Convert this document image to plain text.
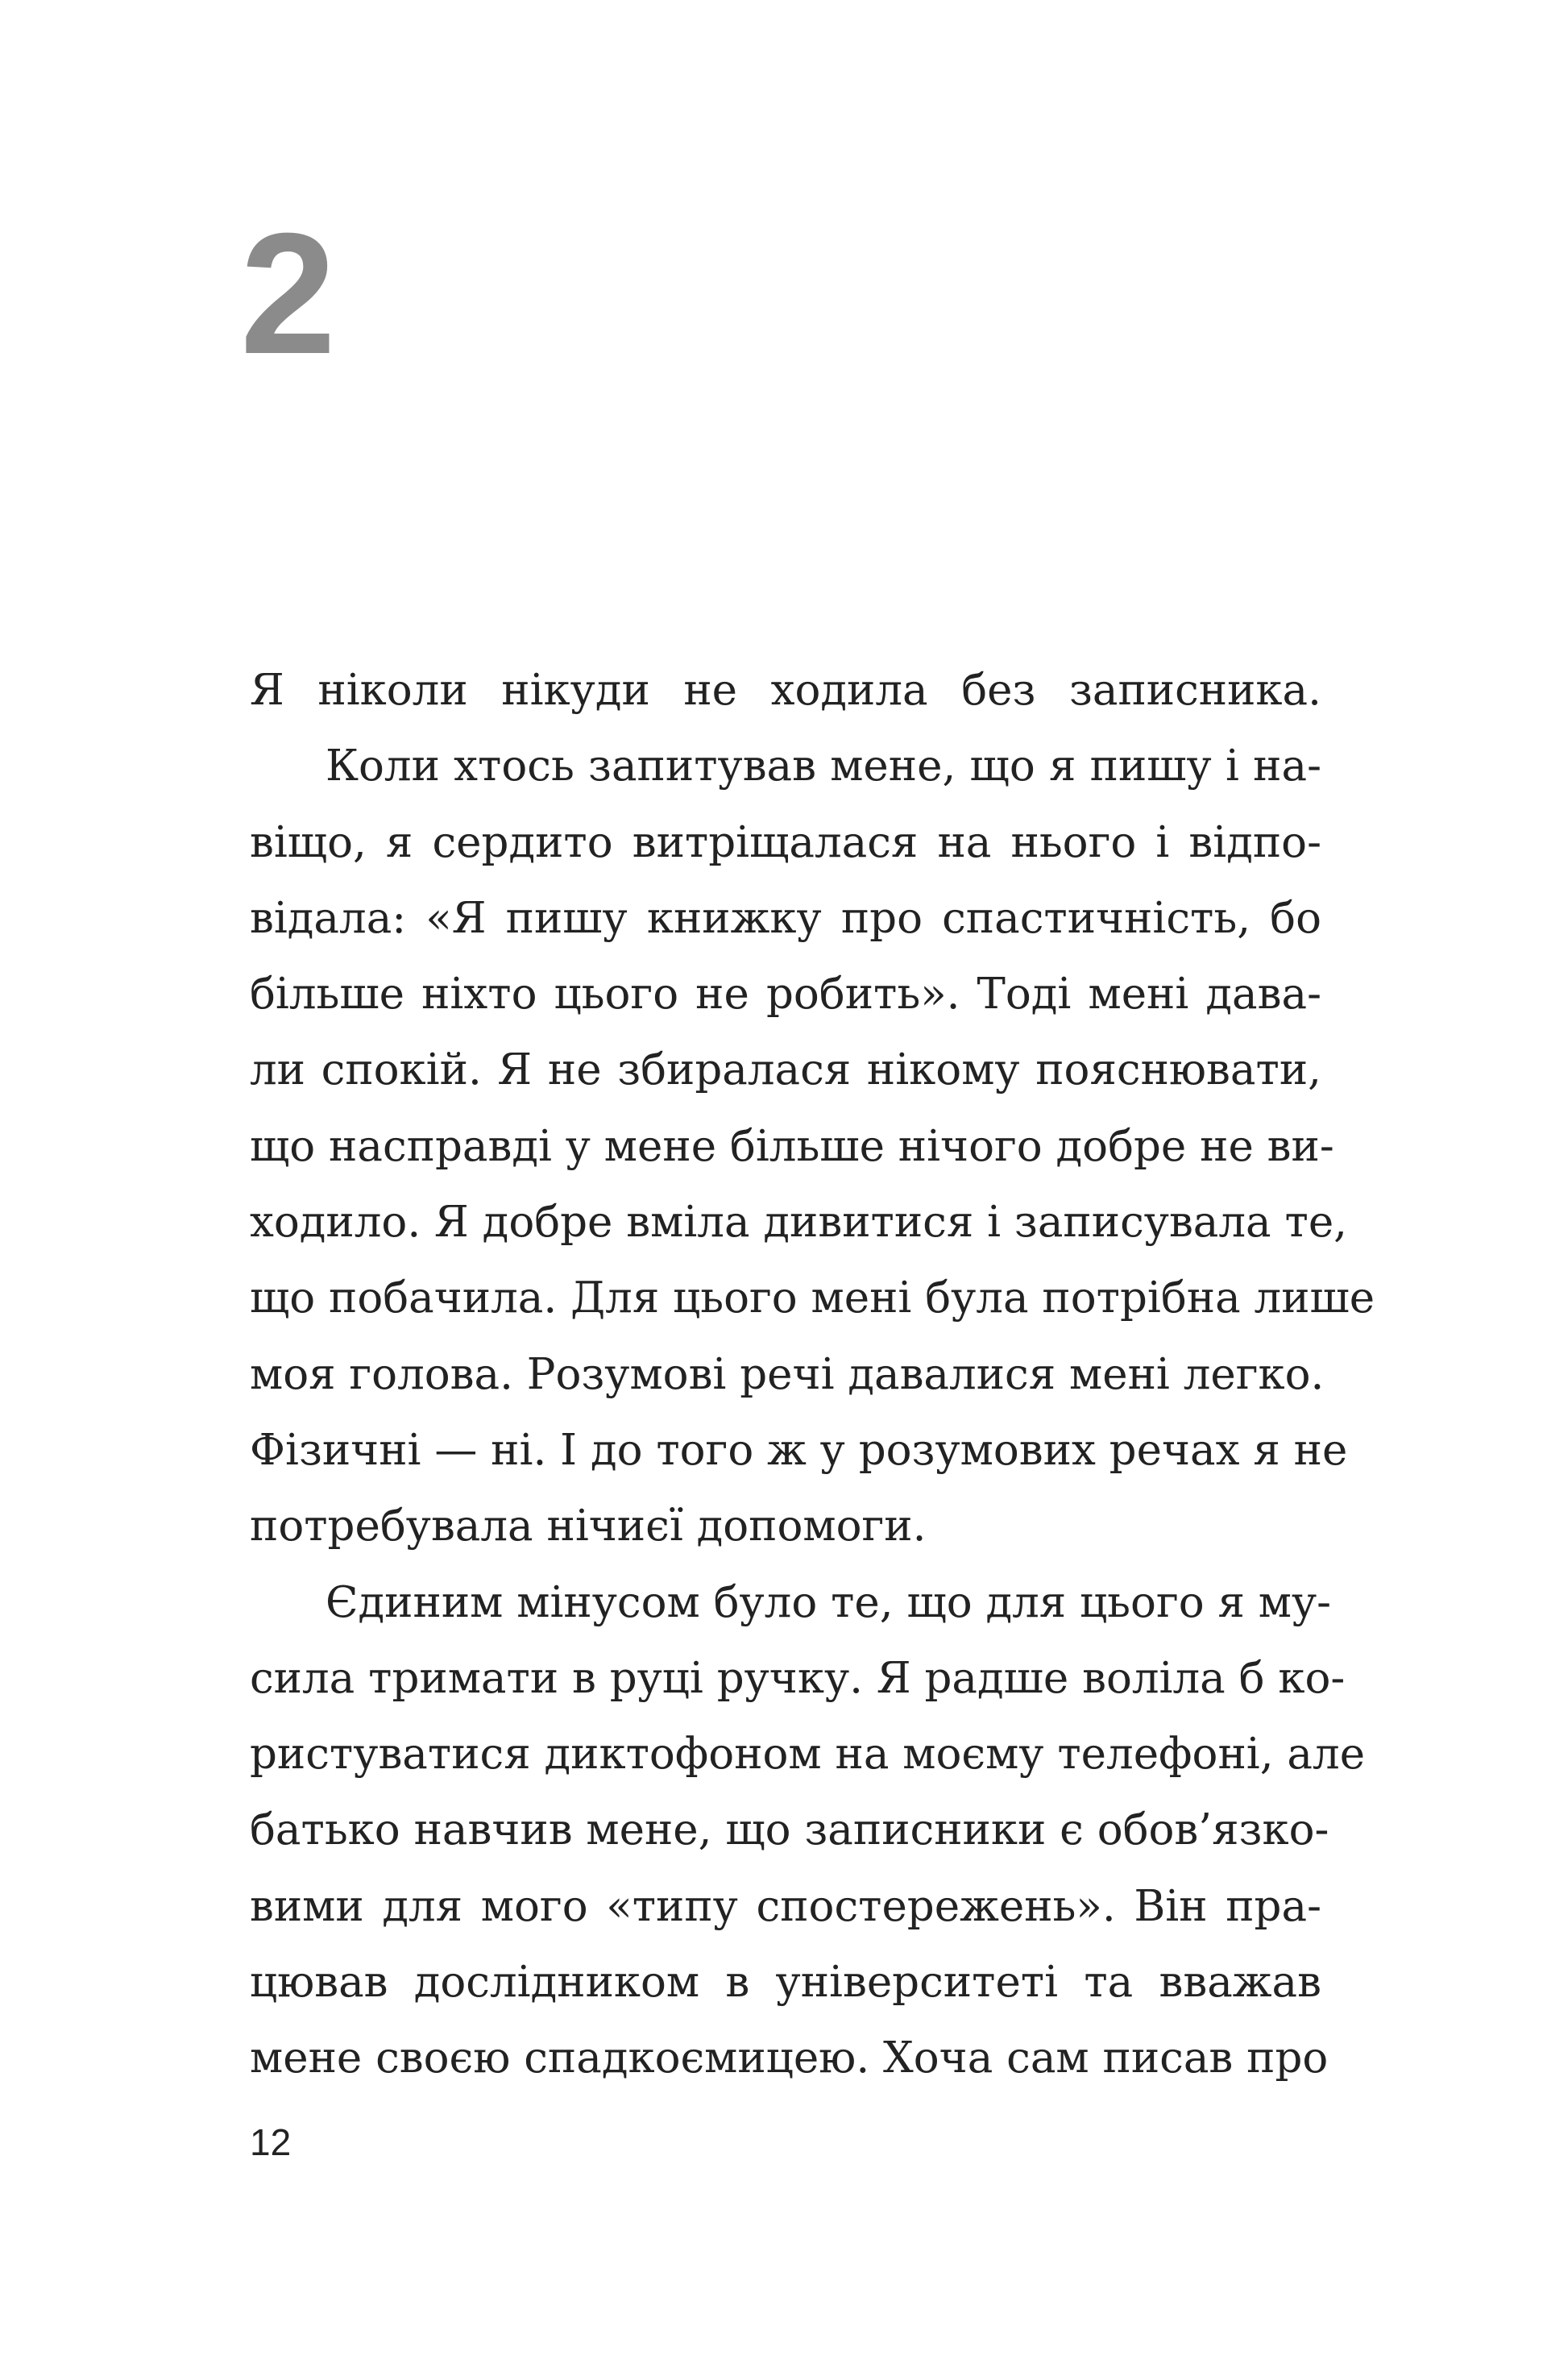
2
Я ніколи нікуди не ходила без записника.
Коли хтось запитував мене, що я пишу і на-
віщо, я сердито витріщалася на нього і відпо-
відала: «Я пишу книжку про спастичність, бо
більше ніхто цього не робить». Тоді мені дава-
ли спокій. Я не збиралася нікому пояснювати,
що насправді у мене більше нічого добре не ви-
ходило. Я добре вміла дивитися і записувала те,
що побачила. Для цього мені була потрібна лише
моя голова. Розумові речі давалися мені легко.
Фізичні — ні. І до того ж у розумових речах я не
потребувала нічиєї допомоги.
Єдиним мінусом було те, що для цього я му-
сила тримати в руці ручку. Я радше воліла б ко-
ристуватися диктофоном на моєму телефоні, але
батько навчив мене, що записники є обов’язко-
вими для мого «типу спостережень». Він пра-
цював дослідником в університеті та вважав
мене своєю спадкоємицею. Хоча сам писав про

12
